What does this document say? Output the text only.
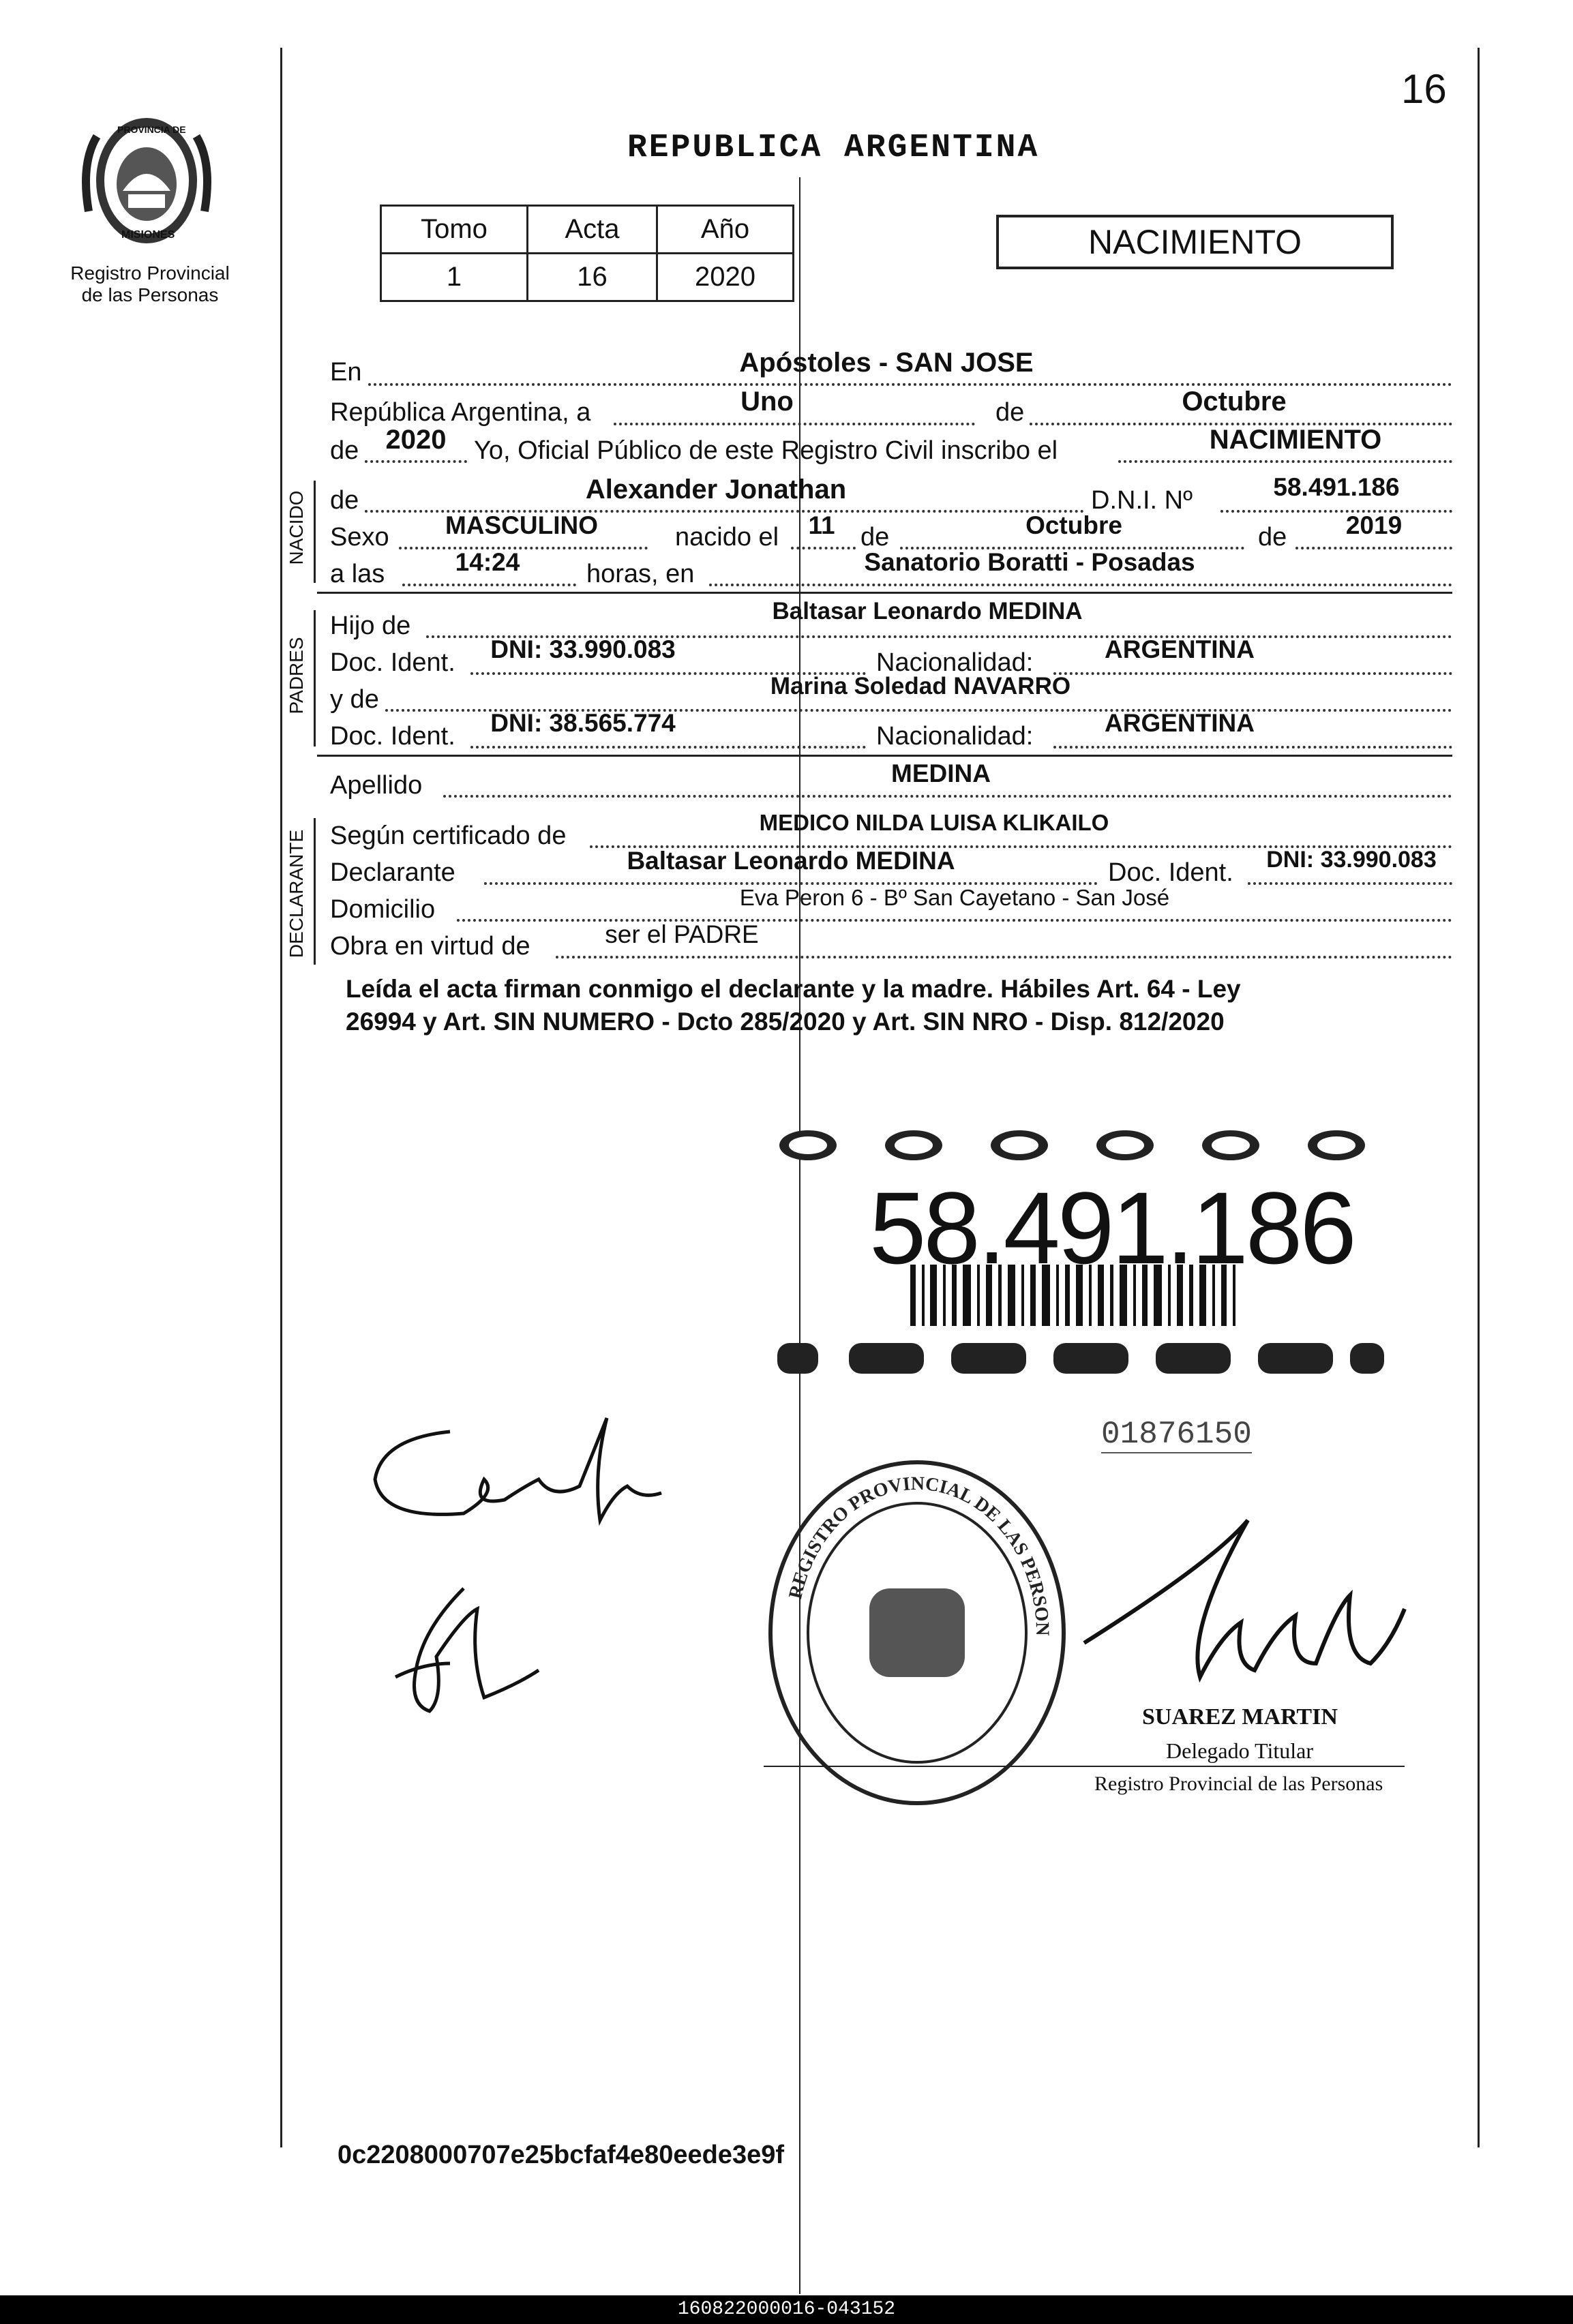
16
PROVINCIA DE
MISIONES
Registro Provincial
de las Personas
REPUBLICA ARGENTINA
Tomo	Acta	Año
1	16	2020
NACIMIENTO
En	Apóstoles - SAN JOSE
República Argentina, a	Uno	de	Octubre
de 2020	Yo, Oficial Público de este Registro Civil inscribo el	NACIMIENTO
NACIDO de	Alexander Jonathan	D.N.I. Nº	58.491.186
Sexo	MASCULINO	nacido el	11 de	Octubre	de	2019
a las	14:24	horas, en	Sanatorio Boratti - Posadas
PADRES
Hijo de
Baltasar Leonardo MEDINA
Doc. Ident.	DNI: 33.990.083	Nacionalidad:	ARGENTINA
y de	Marina Soledad NAVARRO
Doc. Ident.	DNI: 38.565.774	Nacionalidad:	ARGENTINA
Apellido	MEDINA
DECLARANTE Según certificado de	MEDICO NILDA LUISA KLIKAILO
Declarante	Baltasar Leonardo MEDINA	Doc. Ident.	DNI: 33.990.083
Domicilio	Eva Peron 6 - Bº San Cayetano - San José
Obra en virtud de	ser el PADRE
Leída el acta firman conmigo el declarante y la madre. Hábiles Art. 64 - Ley
26994 y Art. SIN NUMERO - Dcto 285/2020 y Art. SIN NRO - Disp. 812/2020
58.491.186
01876150
REGISTRO PROVINCIAL DE LAS PERSON
SUAREZ MARTIN
Delegado Titular
Registro Provincial de las Personas
0c2208000707e25bcfaf4e80eede3e9f
160822000016-043152
